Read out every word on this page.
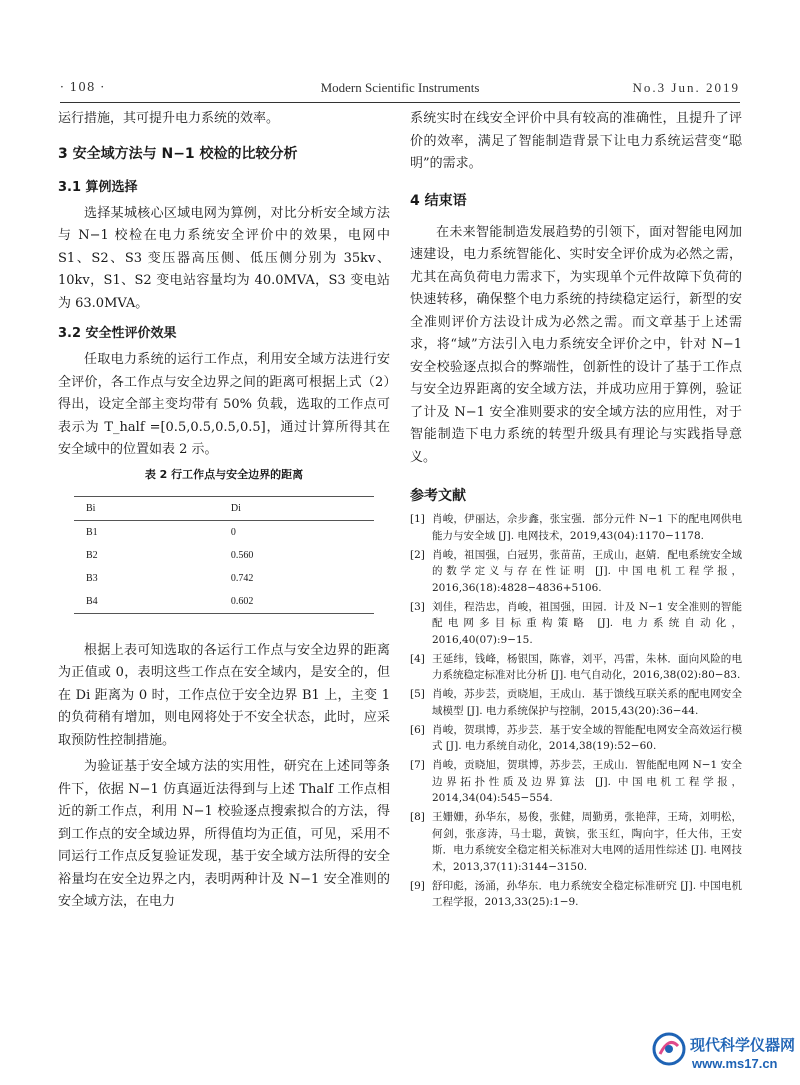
· 108 ·	Modern Scientific Instruments	No.3 Jun. 2019

运行措施，其可提升电力系统的效率。

3 安全域方法与 N−1 校检的比较分析
3.1 算例选择

选择某城核心区域电网为算例，对比分析安全域方法与 N−1 校检在电力系统安全评价中的效果，电网中 S1、S2、S3 变压器高压侧、低压侧分别为 35kv、10kv，S1、S2 变电站容量均为 40.0MVA，S3 变电站为 63.0MVA。

3.2 安全性评价效果

任取电力系统的运行工作点，利用安全域方法进行安全评价，各工作点与安全边界之间的距离可根据上式（2）得出，设定全部主变均带有 50% 负载，选取的工作点可表示为 T_half =[0.5,0.5,0.5,0.5]，通过计算所得其在安全域中的位置如表 2 示。

表 2 行工作点与安全边界的距离
Bi	Di
B1	0
B2	0.560
B3	0.742
B4	0.602

根据上表可知选取的各运行工作点与安全边界的距离为正值或 0，表明这些工作点在安全域内，是安全的，但在 Di 距离为 0 时，工作点位于安全边界 B1 上，主变 1 的负荷稍有增加，则电网将处于不安全状态，此时，应采取预防性控制措施。

为验证基于安全域方法的实用性，研究在上述同等条件下，依据 N−1 仿真逼近法得到与上述 Thalf 工作点相近的新工作点，利用 N−1 校验逐点搜索拟合的方法，得到工作点的安全域边界，所得值均为正值，可见，采用不同运行工作点反复验证发现，基于安全域方法所得的安全裕量均在安全边界之内，表明两种计及 N−1 安全准则的安全域方法，在电力

系统实时在线安全评价中具有较高的准确性，且提升了评价的效率，满足了智能制造背景下让电力系统运营变“聪明”的需求。

4 结束语

在未来智能制造发展趋势的引领下，面对智能电网加速建设，电力系统智能化、实时安全评价成为必然之需，尤其在高负荷电力需求下，为实现单个元件故障下负荷的快速转移，确保整个电力系统的持续稳定运行，新型的安全准则评价方法设计成为必然之需。而文章基于上述需求，将“域”方法引入电力系统安全评价之中，针对 N−1 安全校验逐点拟合的弊端性，创新性的设计了基于工作点与安全边界距离的安全域方法，并成功应用于算例，验证了计及 N−1 安全准则要求的安全域方法的应用性，对于智能制造下电力系统的转型升级具有理论与实践指导意义。

参考文献
[1] 肖峻，伊丽达，佘步鑫，张宝强．部分元件 N−1 下的配电网供电能力与安全域 [J]. 电网技术，2019,43(04):1170−1178.
[2] 肖峻，祖国强，白冠男，张苗苗，王成山，赵婧．配电系统安全域的数学定义与存在性证明 [J]. 中国电机工程学报，2016,36(18):4828−4836+5106.
[3] 刘佳，程浩忠，肖峻，祖国强，田园．计及 N−1 安全准则的智能配电网多目标重构策略 [J]. 电力系统自动化，2016,40(07):9−15.
[4] 王延纬，钱峰，杨银国，陈睿，刘平，冯雷，朱林．面向风险的电力系统稳定标准对比分析 [J]. 电气自动化，2016,38(02):80−83.
[5] 肖峻，苏步芸，贡晓旭，王成山．基于馈线互联关系的配电网安全域模型 [J]. 电力系统保护与控制，2015,43(20):36−44.
[6] 肖峻，贺琪博，苏步芸．基于安全域的智能配电网安全高效运行模式 [J]. 电力系统自动化，2014,38(19):52−60.
[7] 肖峻，贡晓旭，贺琪博，苏步芸，王成山．智能配电网 N−1 安全边界拓扑性质及边界算法 [J]. 中国电机工程学报，2014,34(04):545−554.
[8] 王姗姗，孙华东，易俊，张健，周勤勇，张艳萍，王琦，刘明松，何剑，张彦涛，马士聪，黄镔，张玉红，陶向宇，任大伟，王安斯．电力系统安全稳定相关标准对大电网的适用性综述 [J]. 电网技术，2013,37(11):3144−3150.
[9] 舒印彪，汤涌，孙华东．电力系统安全稳定标准研究 [J]. 中国电机工程学报，2013,33(25):1−9.
现代科学仪器网
www.ms17.cn
